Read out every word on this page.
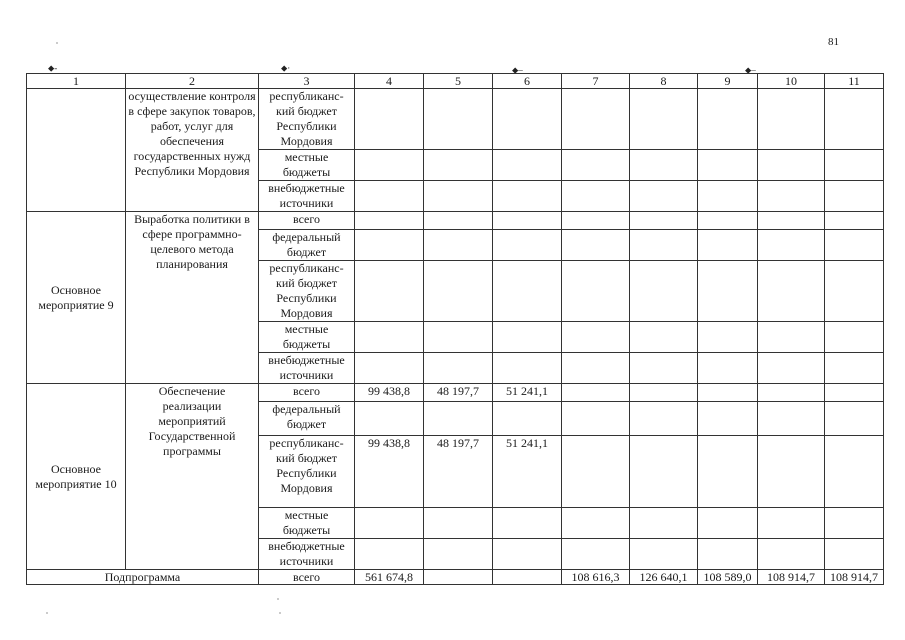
81
⬥‑	⬥·	⬥–	⬥–
1	2	3	4	5	6	7	8	9	10	11
	осуществление контроля в сфере закупок товаров, работ, услуг для обеспечения государственных нужд Республики Мордовия	республиканс-кий бюджет Республики Мордовия								
		местные бюджеты								
		внебюджетные источники								
Основное мероприятие 9	Выработка политики в сфере программно-целевого метода планирования	всего								
		федеральный бюджет								
		республиканс-кий бюджет Республики Мордовия								
		местные бюджеты								
		внебюджетные источники								
Основное мероприятие 10	Обеспечение реализации мероприятий Государственной программы	всего	99 438,8	48 197,7	51 241,1					
		федеральный бюджет								
		республиканс-кий бюджет Республики Мордовия	99 438,8	48 197,7	51 241,1					
		местные бюджеты								
		внебюджетные источники								
Подпрограмма		всего	561 674,8			108 616,3	126 640,1	108 589,0	108 914,7	108 914,7
